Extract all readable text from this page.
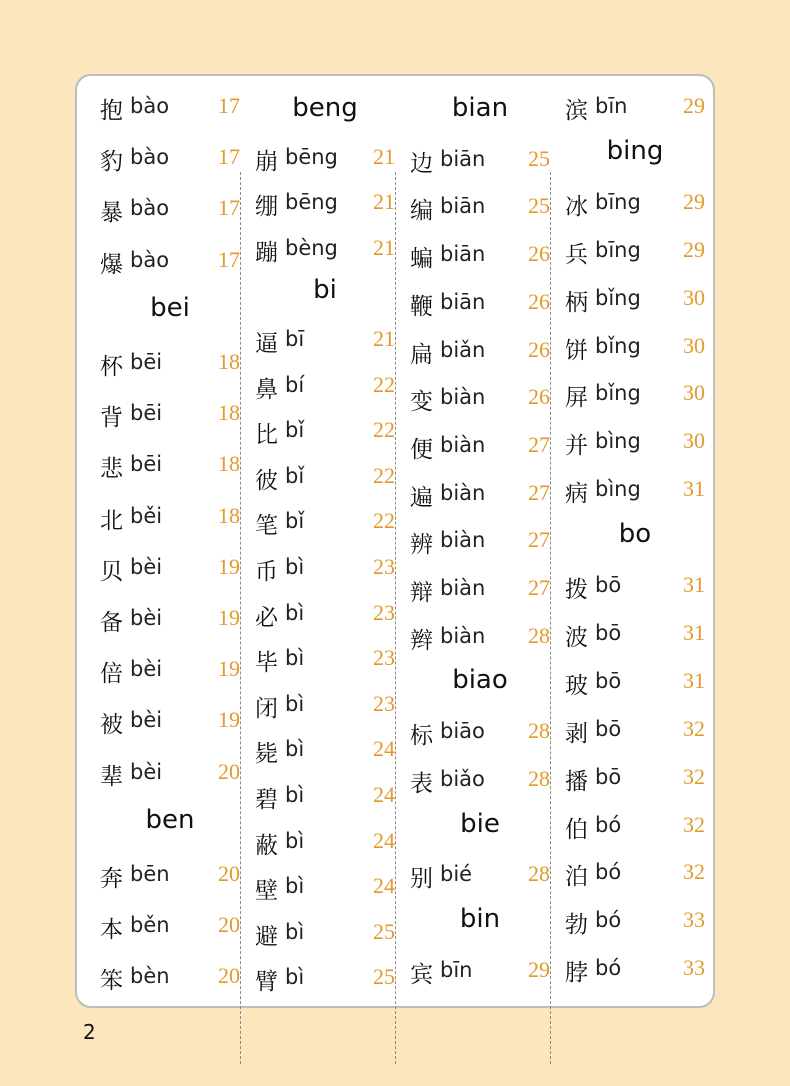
抱 bào 17
豹 bào 17
暴 bào 17
爆 bào 17
bei
杯 bēi	18
背 bēi	18
悲 bēi	18
北 běi	18
贝 bèi	19
备 bèi	19
倍 bèi	19
被 bèi	19
辈 bèi	20
ben
奔 bēn 20
本 běn 20
笨 bèn 20
beng
崩 bēng 21
绷 bēng 21
蹦 bèng 21
bi
逼 bī	21
鼻 bí	22
比 bǐ	22
彼 bǐ	22
笔 bǐ	22
币 bì	23
必 bì	23
毕 bì	23
闭 bì	23
毙 bì	24
碧 bì	24
蔽 bì	24
壁 bì	24
避 bì	25
臂 bì	25
bian
边 biān 25
编 biān 25
蝙 biān 26
鞭 biān 26
扁 biǎn 26
变 biàn 26
便 biàn 27
遍 biàn 27
辨 biàn 27
辩 biàn 27
辫 biàn 28
biao
标 biāo 28
表 biǎo 28
bie
别 bié	28
bin
宾 bīn	29
滨 bīn	29
bing
冰 bīng 29
兵 bīng 29
柄 bǐng 30
饼 bǐng 30
屏 bǐng 30
并 bìng 30
病 bìng 31
bo
拨 bō	31
波 bō	31
玻 bō	31
剥 bō	32
播 bō	32
伯 bó	32
泊 bó	32
勃 bó	33
脖 bó	33
2
